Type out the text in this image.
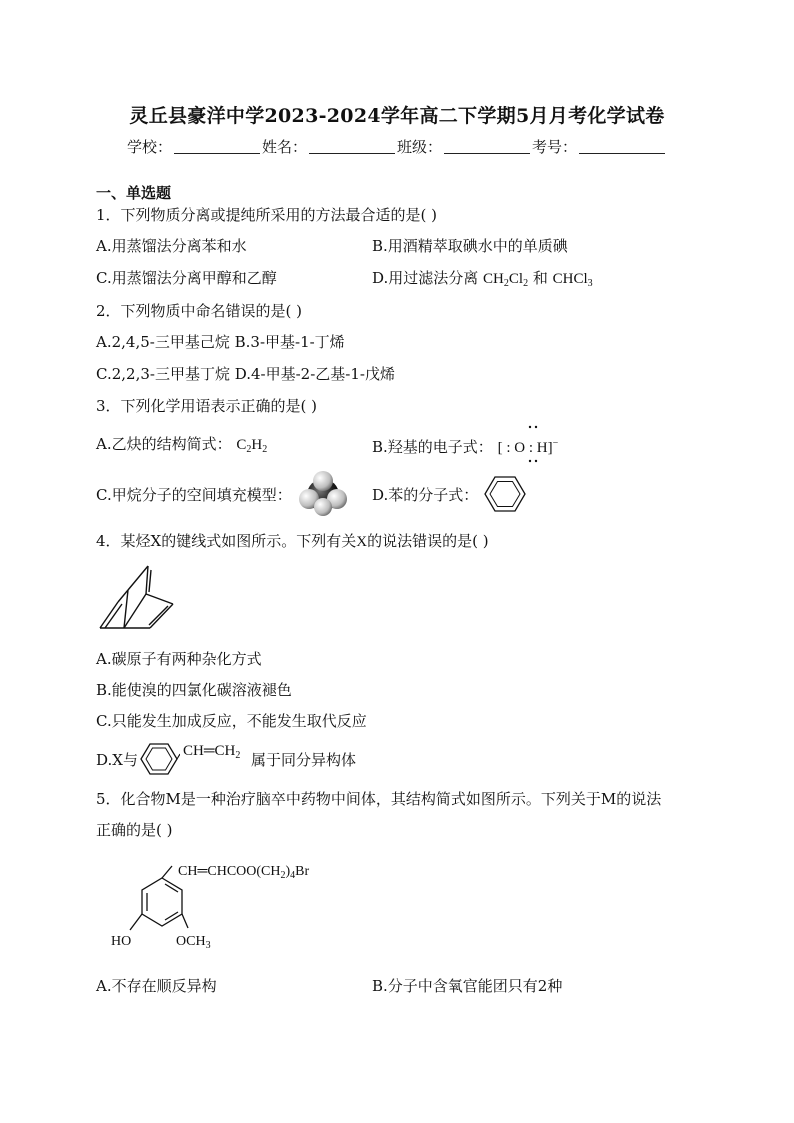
灵丘县豪洋中学2023-2024学年高二下学期5月月考化学试卷
学校：	姓名：	班级：	考号：
一、单选题
1．下列物质分离或提纯所采用的方法最合适的是( )
A.用蒸馏法分离苯和水	B.用酒精萃取碘水中的单质碘
C.用蒸馏法分离甲醇和乙醇	D.用过滤法分离 $CH_2Cl_2$ 和 CHCl$_3$
2．下列物质中命名错误的是( )
A.2,4,5-三甲基己烷 B.3-甲基-1-丁烯
C.2,2,3-三甲基丁烷 D.4-甲基-2-乙基-1-戊烯
3．下列化学用语表示正确的是( )
A.乙炔的结构简式： $C_2H_2$	B.羟基的电子式： [ : O : H]−
C.甲烷分子的空间填充模型：	D.苯的分子式：
4．某烃X的键线式如图所示。下列有关X的说法错误的是( )
A.碳原子有两种杂化方式
B.能使溴的四氯化碳溶液褪色
C.只能发生加成反应，不能发生取代反应
D.X与	$CH═CH_2$ 属于同分异构体
5．化合物M是一种治疗脑卒中药物中间体，其结构简式如图所示。下列关于M的说法
正确的是( )
$CH═CHCOO(CH_2)_4Br$
HO	$OCH_3$
A.不存在顺反异构	B.分子中含氧官能团只有2种
